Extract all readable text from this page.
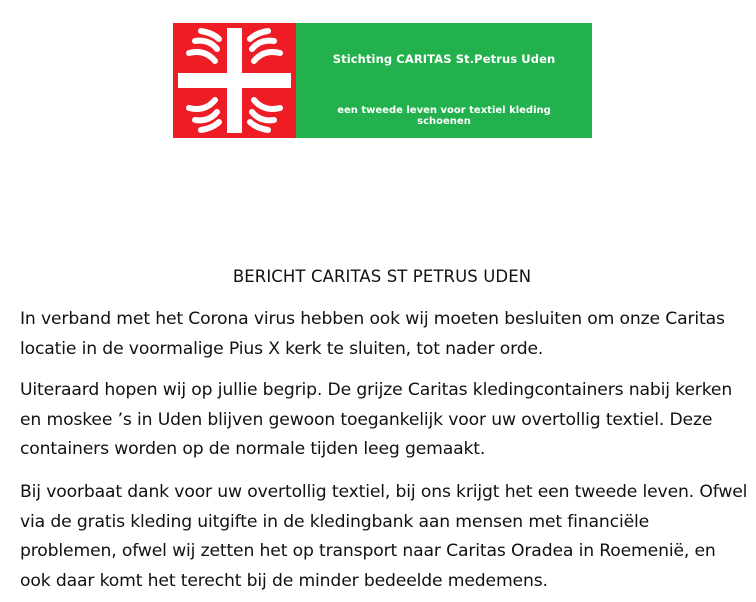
Stichting CARITAS St.Petrus Uden
een tweede leven voor textiel kleding schoenen
BERICHT CARITAS ST PETRUS UDEN

In verband met het Corona virus hebben ook wij moeten besluiten om onze Caritas locatie in de voormalige Pius X kerk te sluiten, tot nader orde.

Uiteraard hopen wij op jullie begrip. De grijze Caritas kledingcontainers nabij kerken en moskee ’s in Uden blijven gewoon toegankelijk voor uw overtollig textiel. Deze containers worden op de normale tijden leeg gemaakt.

Bij voorbaat dank voor uw overtollig textiel, bij ons krijgt het een tweede leven. Ofwel via de gratis kleding uitgifte in de kledingbank aan mensen met financiële problemen, ofwel wij zetten het op transport naar Caritas Oradea in Roemenië, en ook daar komt het terecht bij de minder bedeelde medemens.
